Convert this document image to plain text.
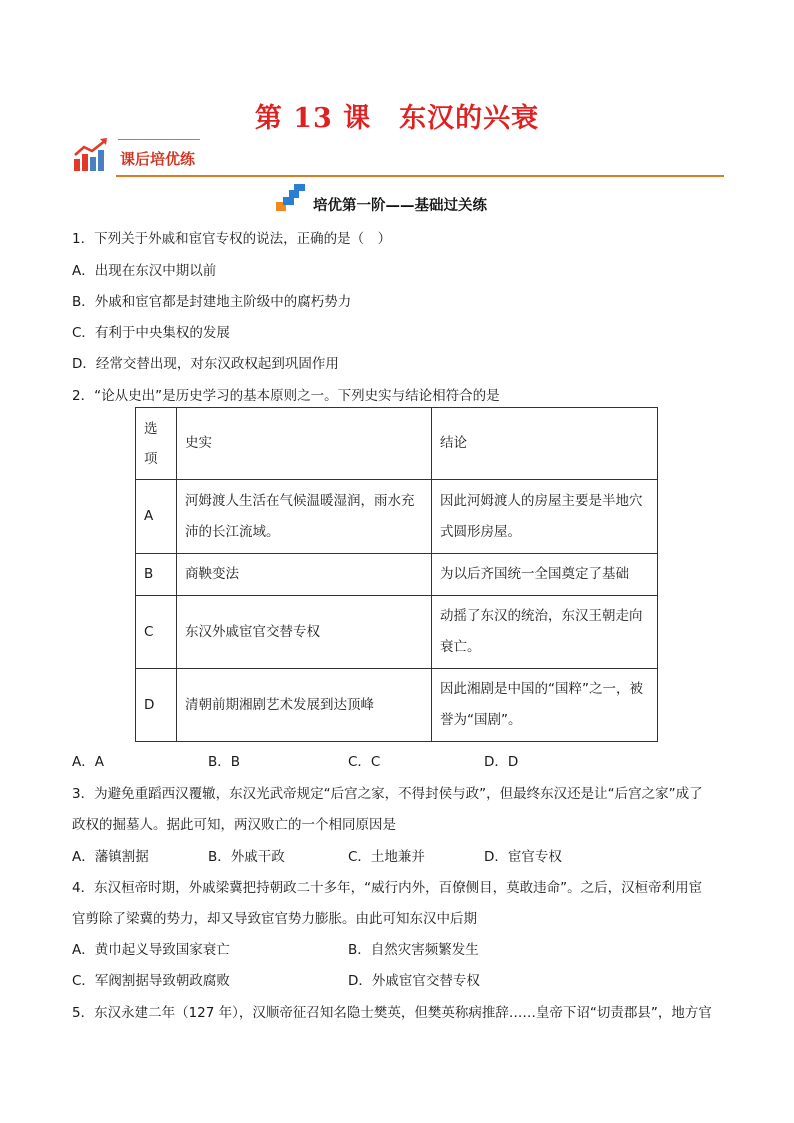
第 13 课　东汉的兴衰
课后培优练
培优第一阶——基础过关练
1．下列关于外戚和宦官专权的说法，正确的是（　）
A．出现在东汉中期以前
B．外戚和宦官都是封建地主阶级中的腐朽势力
C．有利于中央集权的发展
D．经常交替出现，对东汉政权起到巩固作用
2．“论从史出”是历史学习的基本原则之一。下列史实与结论相符合的是
选项	史实	结论
A	河姆渡人生活在气候温暖湿润，雨水充沛的长江流域。	因此河姆渡人的房屋主要是半地穴式圆形房屋。
B	商鞅变法	为以后齐国统一全国奠定了基础
C	东汉外戚宦官交替专权	动摇了东汉的统治，东汉王朝走向衰亡。
D	清朝前期湘剧艺术发展到达顶峰	因此湘剧是中国的“国粹”之一，被誉为“国剧”。
A．A	B．B	C．C	D．D
3．为避免重蹈西汉覆辙，东汉光武帝规定“后宫之家，不得封侯与政”，但最终东汉还是让“后宫之家”成了
政权的掘墓人。据此可知，两汉败亡的一个相同原因是
A．藩镇割据	B．外戚干政	C．土地兼并	D．宦官专权
4．东汉桓帝时期，外戚梁冀把持朝政二十多年，“威行内外，百僚侧目，莫敢违命”。之后，汉桓帝利用宦
官剪除了梁冀的势力，却又导致宦官势力膨胀。由此可知东汉中后期
A．黄巾起义导致国家衰亡	B．自然灾害频繁发生
C．军阀割据导致朝政腐败	D．外戚宦官交替专权
5．东汉永建二年（127 年），汉顺帝征召知名隐士樊英，但樊英称病推辞……皇帝下诏“切责郡县”，地方官
